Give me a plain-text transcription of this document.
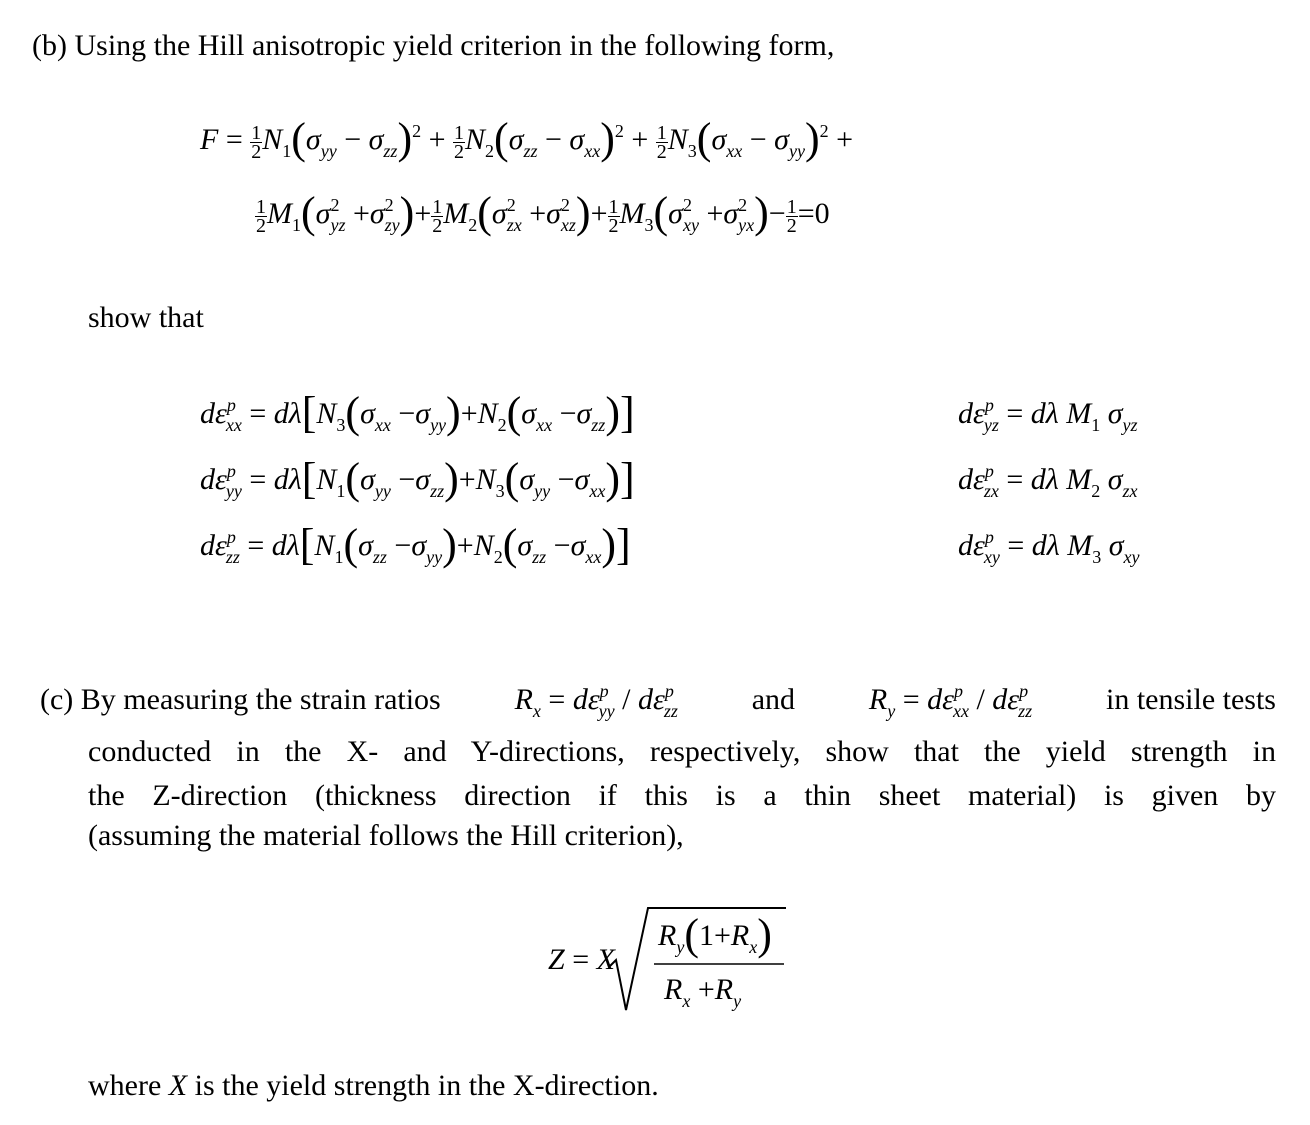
(b) Using the Hill anisotropic yield criterion in the following form,
$F = \frac{1}{2} N_1(\sigma_{yy} - \sigma_{zz})^2 + \frac{1}{2} N_2(\sigma_{zz} - \sigma_{xx})^2 + \frac{1}{2} N_3(\sigma_{xx} - \sigma_{yy})^2$ +
$\frac{1}{2} M_1(\sigma^2_{yz} +\sigma^2_{zy})+ \frac{1}{2} M_2(\sigma^2_{zx} +\sigma^2_{xz})+ \frac{1}{2} M_3(\sigma^2_{xy} +\sigma^2_{yx})- \frac{1}{2} =0$
show that
$d\varepsilon^p_{xx} = d\lambda[N_3(\sigma_{xx} -\sigma_{yy})+N_2(\sigma_{xx} -\sigma_{zz})]$
$d\varepsilon^p_{yy} = d\lambda[N_1(\sigma_{yy} -\sigma_{zz})+N_3(\sigma_{yy} -\sigma_{xx})]$
$d\varepsilon^p_{zz} = d\lambda[N_1(\sigma_{zz} -\sigma_{yy})+N_2(\sigma_{zz} -\sigma_{xx})]$
$d\varepsilon^p_{yz} = d\lambda$ $M_1$ $\sigma_{yz}$
$d\varepsilon^p_{zx} = d\lambda$ $M_2$ $\sigma_{zx}$
$d\varepsilon^p_{xy} = d\lambda$ $M_3$ $\sigma_{xy}$
(c) By measuring the strain ratios $R_x = d\varepsilon^p_{yy} / d\varepsilon^p_{zz}$ and $R_y = d\varepsilon^p_{xx} / d\varepsilon^p_{zz}$ in tensile tests
conducted in the X- and Y-directions, respectively, show that the yield strength in
the Z-direction (thickness direction if this is a thin sheet material) is given by
(assuming the material follows the Hill criterion),
Z = X
$R_y(1+R_x)$
$R_x +R_y$
where X is the yield strength in the X-direction.
